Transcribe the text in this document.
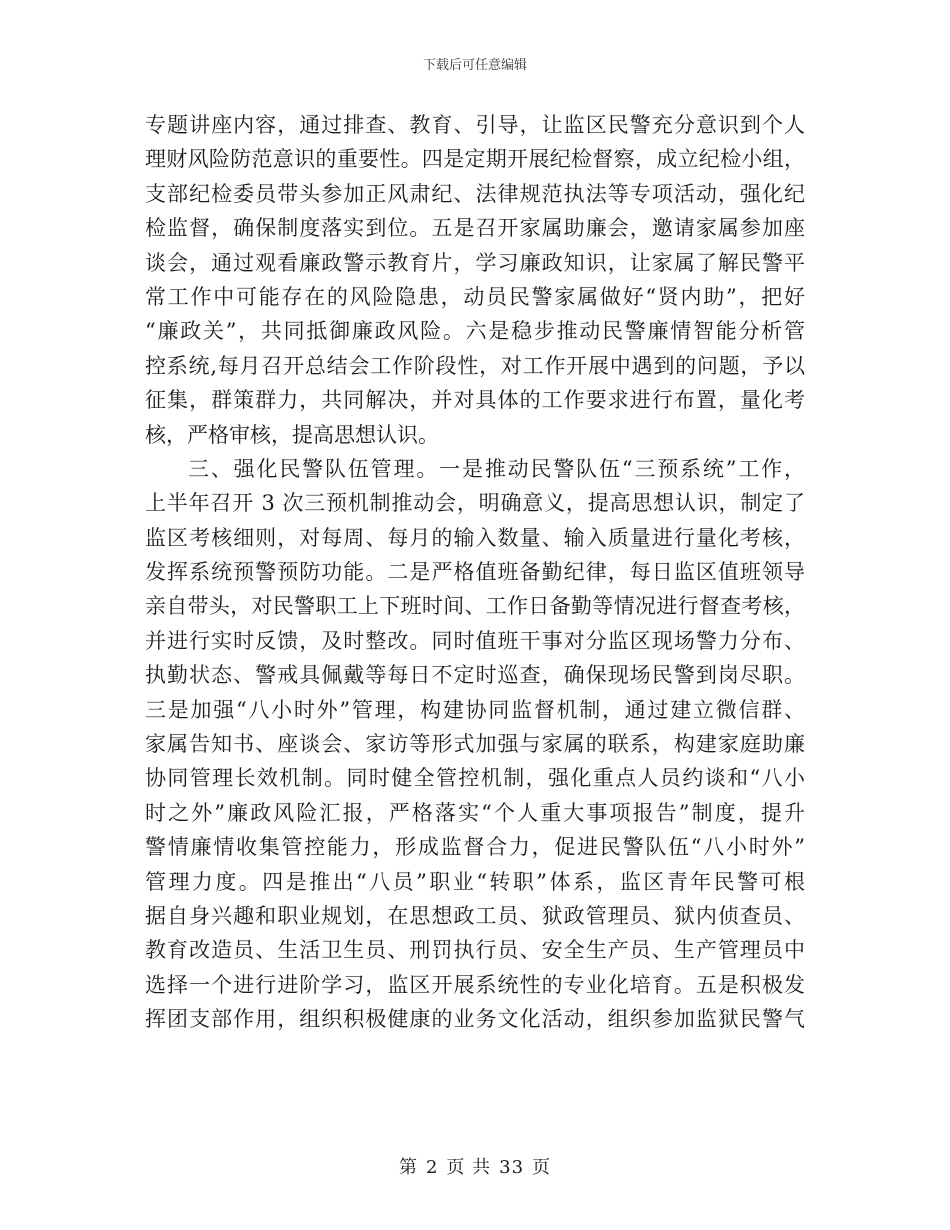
下载后可任意编辑
专题讲座内容，通过排查、教育、引导，让监区民警充分意识到个人
理财风险防范意识的重要性。四是定期开展纪检督察，成立纪检小组，
支部纪检委员带头参加正风肃纪、法律规范执法等专项活动，强化纪
检监督，确保制度落实到位。五是召开家属助廉会，邀请家属参加座
谈会，通过观看廉政警示教育片，学习廉政知识，让家属了解民警平
常工作中可能存在的风险隐患，动员民警家属做好“贤内助”，把好
“廉政关”，共同抵御廉政风险。六是稳步推动民警廉情智能分析管
控系统,每月召开总结会工作阶段性，对工作开展中遇到的问题，予以
征集，群策群力，共同解决，并对具体的工作要求进行布置，量化考
核，严格审核，提高思想认识。
三、强化民警队伍管理。一是推动民警队伍“三预系统”工作，
上半年召开 3 次三预机制推动会，明确意义，提高思想认识，制定了
监区考核细则，对每周、每月的输入数量、输入质量进行量化考核，
发挥系统预警预防功能。二是严格值班备勤纪律，每日监区值班领导
亲自带头，对民警职工上下班时间、工作日备勤等情况进行督查考核，
并进行实时反馈，及时整改。同时值班干事对分监区现场警力分布、
执勤状态、警戒具佩戴等每日不定时巡查，确保现场民警到岗尽职。
三是加强“八小时外”管理，构建协同监督机制，通过建立微信群、
家属告知书、座谈会、家访等形式加强与家属的联系，构建家庭助廉
协同管理长效机制。同时健全管控机制，强化重点人员约谈和“八小
时之外”廉政风险汇报，严格落实“个人重大事项报告”制度，提升
警情廉情收集管控能力，形成监督合力，促进民警队伍“八小时外”
管理力度。四是推出“八员”职业“转职”体系，监区青年民警可根
据自身兴趣和职业规划，在思想政工员、狱政管理员、狱内侦查员、
教育改造员、生活卫生员、刑罚执行员、安全生产员、生产管理员中
选择一个进行进阶学习，监区开展系统性的专业化培育。五是积极发
挥团支部作用，组织积极健康的业务文化活动，组织参加监狱民警气
第 2 页 共 33 页
